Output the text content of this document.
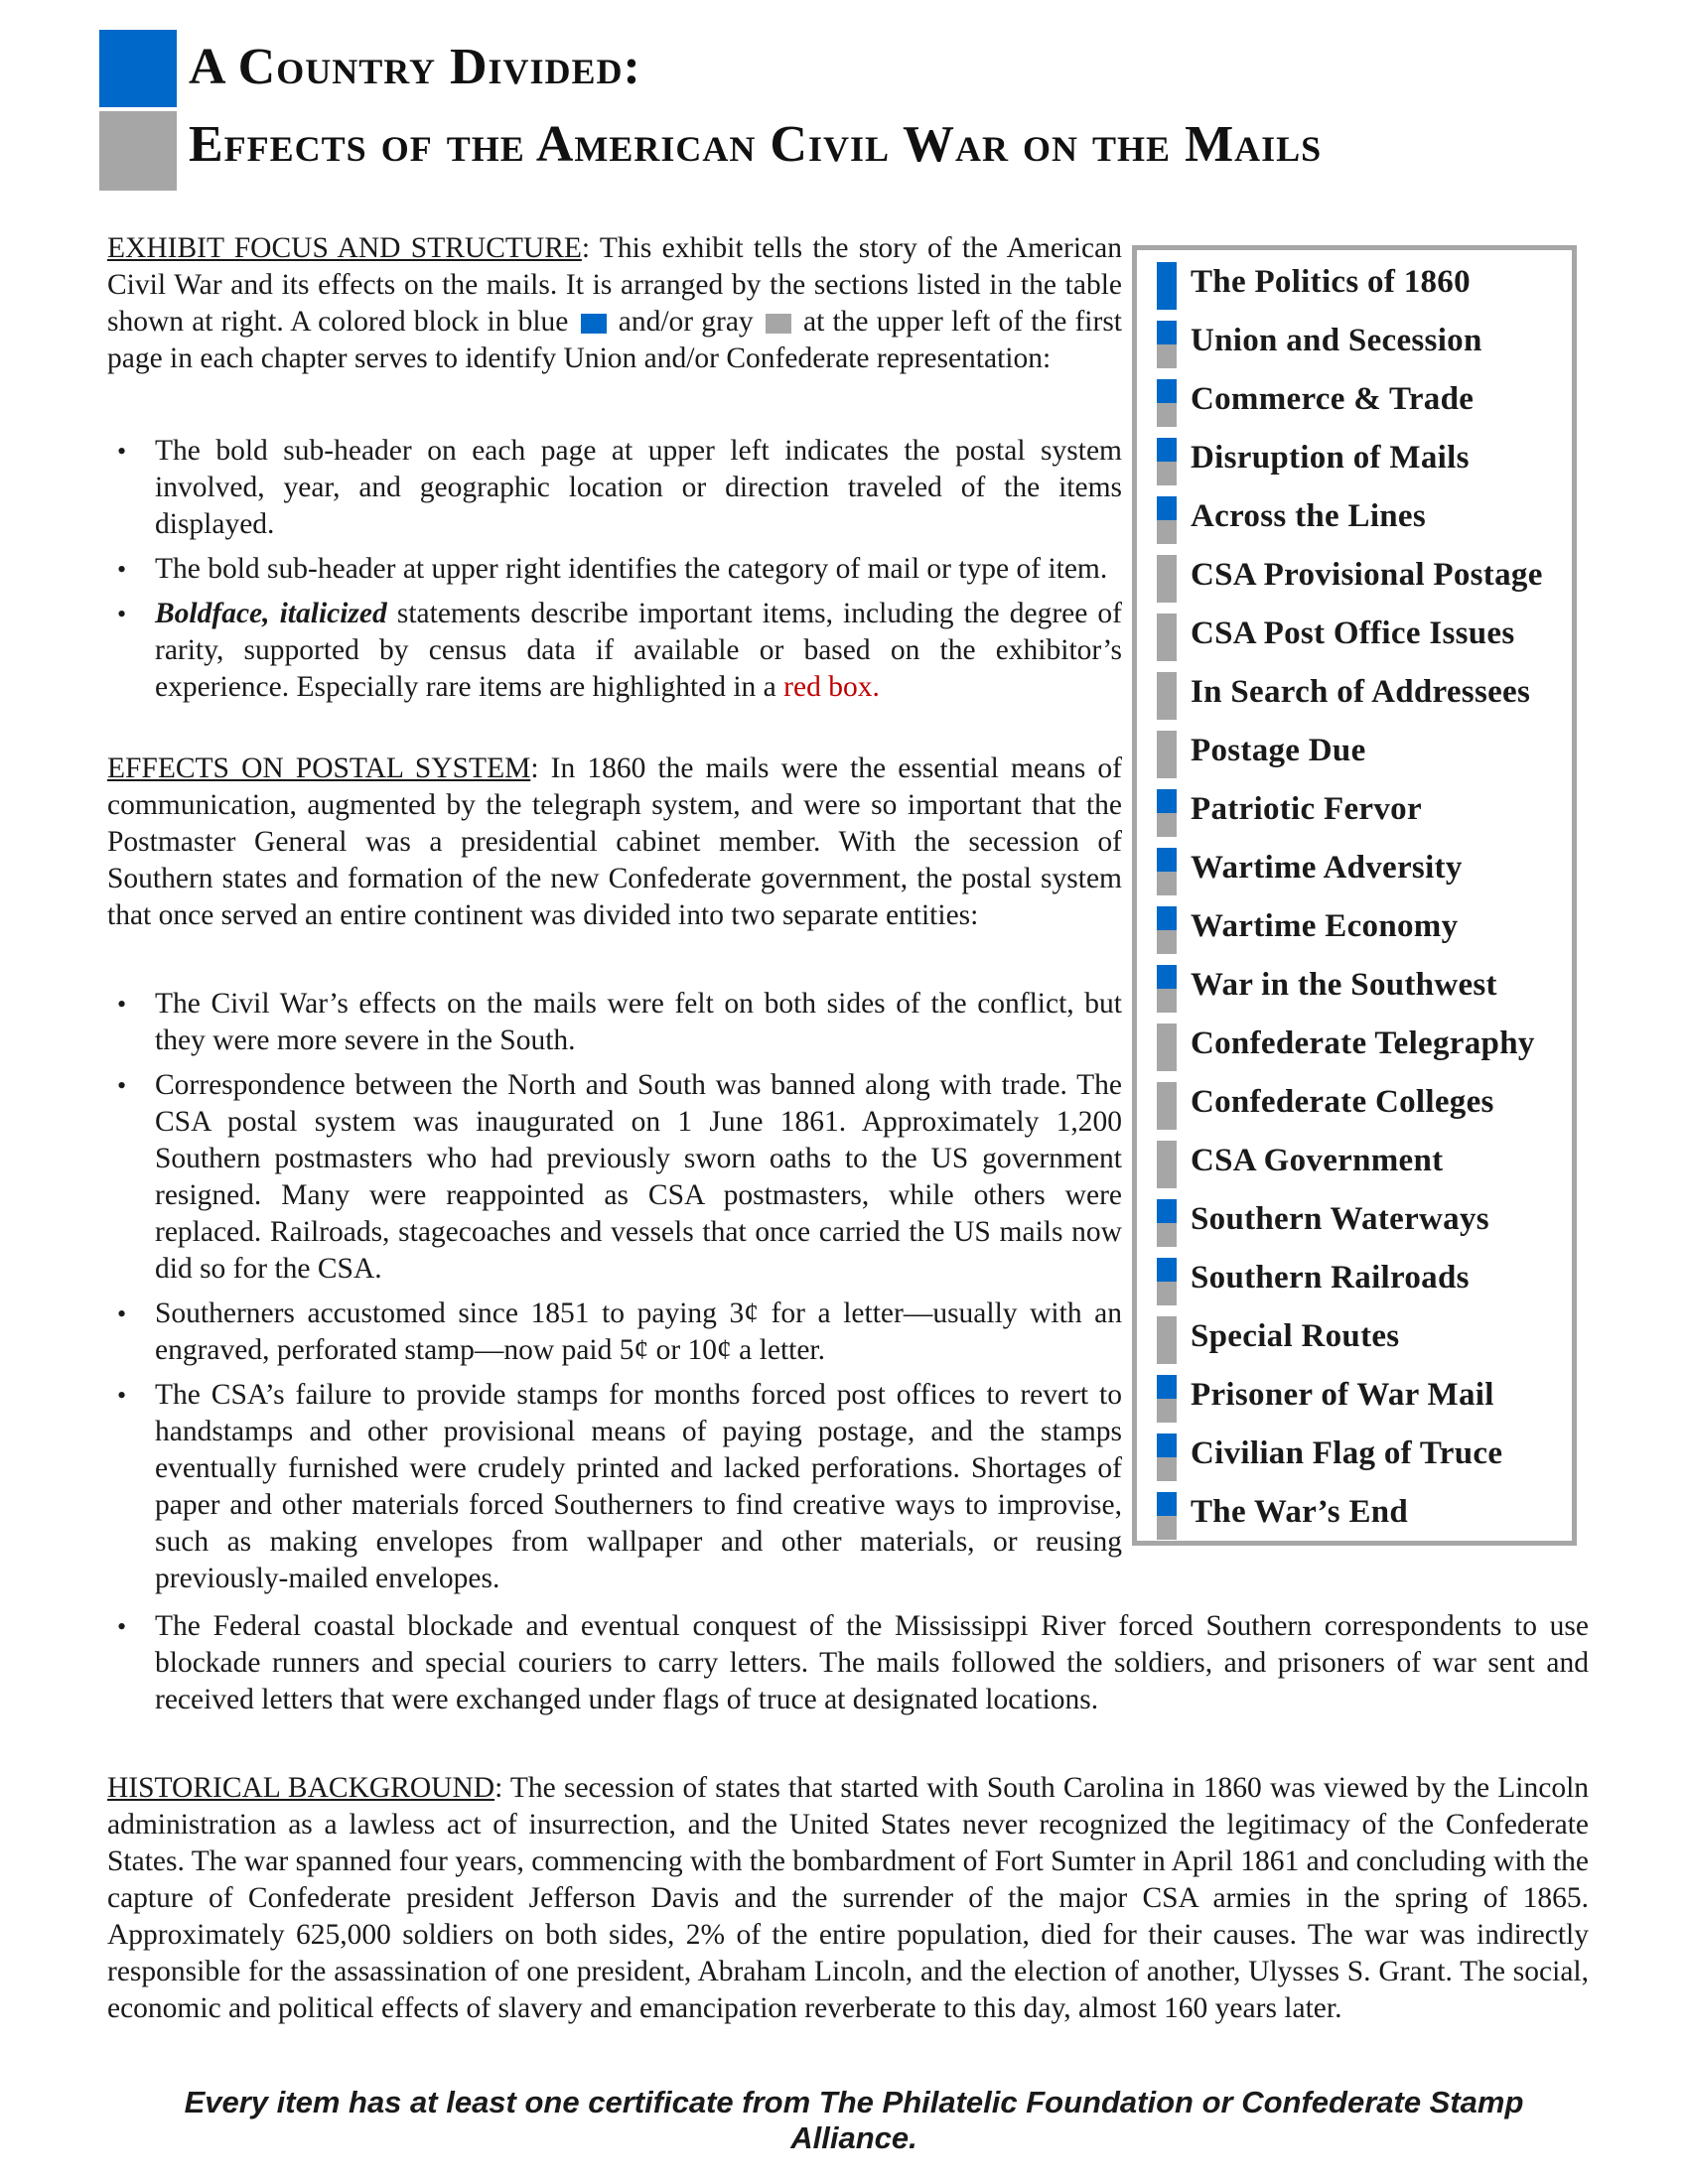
A Country Divided:
Effects of the American Civil War on the Mails
EXHIBIT FOCUS AND STRUCTURE: This exhibit tells the story of the American Civil War and its effects on the mails. It is arranged by the sections listed in the table shown at right. A colored block in blue and/or gray at the upper left of the first page in each chapter serves to identify Union and/or Confederate representation:
• The bold sub-header on each page at upper left indicates the postal system involved, year, and geographic location or direction traveled of the items displayed.
• The bold sub-header at upper right identifies the category of mail or type of item.
• Boldface, italicized statements describe important items, including the degree of rarity, supported by census data if available or based on the exhibitor’s experience. Especially rare items are highlighted in a red box.
EFFECTS ON POSTAL SYSTEM: In 1860 the mails were the essential means of communication, augmented by the telegraph system, and were so important that the Postmaster General was a presidential cabinet member. With the secession of Southern states and formation of the new Confederate government, the postal system that once served an entire continent was divided into two separate entities:
• The Civil War’s effects on the mails were felt on both sides of the conflict, but they were more severe in the South.
• Correspondence between the North and South was banned along with trade. The CSA postal system was inaugurated on 1 June 1861. Approximately 1,200 Southern postmasters who had previously sworn oaths to the US government resigned. Many were reappointed as CSA postmasters, while others were replaced. Railroads, stagecoaches and vessels that once carried the US mails now did so for the CSA.
• Southerners accustomed since 1851 to paying 3¢ for a letter—usually with an engraved, perforated stamp—now paid 5¢ or 10¢ a letter.
• The CSA’s failure to provide stamps for months forced post offices to revert to handstamps and other provisional means of paying postage, and the stamps eventually furnished were crudely printed and lacked perforations. Shortages of paper and other materials forced Southerners to find creative ways to improvise, such as making envelopes from wallpaper and other materials, or reusing previously-mailed envelopes.
• The Federal coastal blockade and eventual conquest of the Mississippi River forced Southern correspondents to use blockade runners and special couriers to carry letters. The mails followed the soldiers, and prisoners of war sent and received letters that were exchanged under flags of truce at designated locations.
HISTORICAL BACKGROUND: The secession of states that started with South Carolina in 1860 was viewed by the Lincoln administration as a lawless act of insurrection, and the United States never recognized the legitimacy of the Confederate States. The war spanned four years, commencing with the bombardment of Fort Sumter in April 1861 and concluding with the capture of Confederate president Jefferson Davis and the surrender of the major CSA armies in the spring of 1865. Approximately 625,000 soldiers on both sides, 2% of the entire population, died for their causes. The war was indirectly responsible for the assassination of one president, Abraham Lincoln, and the election of another, Ulysses S. Grant. The social, economic and political effects of slavery and emancipation reverberate to this day, almost 160 years later.
The Politics of 1860
Union and Secession
Commerce & Trade
Disruption of Mails
Across the Lines
CSA Provisional Postage
CSA Post Office Issues
In Search of Addressees
Postage Due
Patriotic Fervor
Wartime Adversity
Wartime Economy
War in the Southwest
Confederate Telegraphy
Confederate Colleges
CSA Government
Southern Waterways
Southern Railroads
Special Routes
Prisoner of War Mail
Civilian Flag of Truce
The War’s End
Every item has at least one certificate from The Philatelic Foundation or Confederate Stamp Alliance.
